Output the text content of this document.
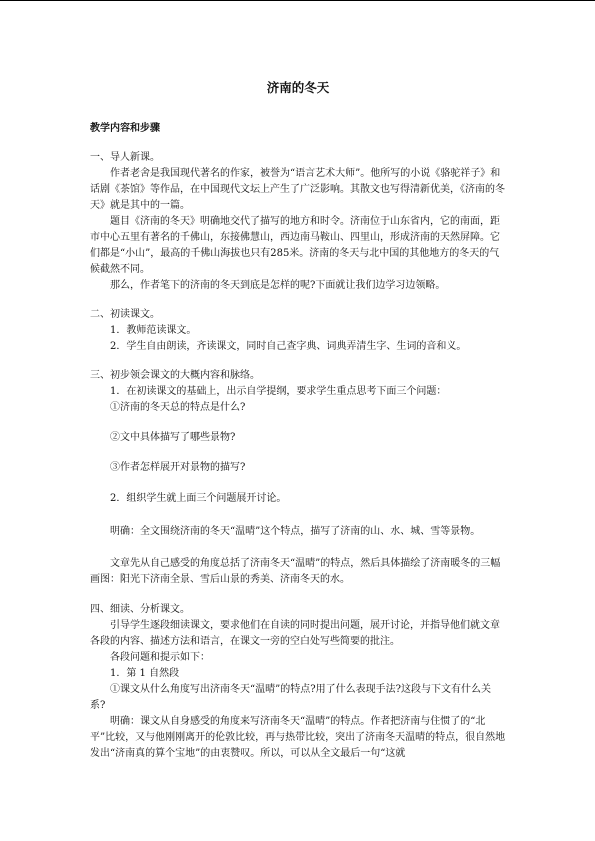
济南的冬天
教学内容和步骤

一、导人新课。

作者老舍是我国现代著名的作家，被誉为“语言艺术大师”。他所写的小说《骆驼祥子》和话剧《茶馆》等作品，在中国现代文坛上产生了广泛影响。其散文也写得清新优美，《济南的冬天》就是其中的一篇。

题目《济南的冬天》明确地交代了描写的地方和时令。济南位于山东省内，它的南面，距市中心五里有著名的千佛山，东接佛慧山，西边南马鞍山、四里山，形成济南的天然屏障。它们都是“小山”，最高的千佛山海拔也只有285米。济南的冬天与北中国的其他地方的冬天的气候截然不同。

那么，作者笔下的济南的冬天到底是怎样的呢?下面就让我们边学习边领略。

二、初读课文。

1．教师范读课文。

2．学生自由朗读，齐读课文，同时自己查字典、词典弄清生字、生词的音和义。

三、初步领会课文的大概内容和脉络。

1．在初读课文的基础上，出示自学提纲，要求学生重点思考下面三个问题：

①济南的冬天总的特点是什么?

②文中具体描写了哪些景物?

③作者怎样展开对景物的描写?

2．组织学生就上面三个问题展开讨论。

明确：全文围绕济南的冬天“温晴”这个特点，描写了济南的山、水、城、雪等景物。

文章先从自己感受的角度总括了济南冬天“温晴”的特点，然后具体描绘了济南暖冬的三幅画图：阳光下济南全景、雪后山景的秀美、济南冬天的水。

四、细读、分析课文。

引导学生逐段细读课文，要求他们在自读的同时提出问题，展开讨论，并指导他们就文章各段的内容、描述方法和语言，在课文一旁的空白处写些简要的批注。

各段问题和提示如下：

1．第 1 自然段

①课文从什么角度写出济南冬天“温晴”的特点?用了什么表现手法?这段与下文有什么关系?

明确：课文从自身感受的角度来写济南冬天“温晴”的特点。作者把济南与住惯了的“北平”比较，又与他刚刚离开的伦敦比较，再与热带比较，突出了济南冬天温晴的特点，很自然地发出“济南真的算个宝地”的由衷赞叹。所以，可以从全文最后一句“这就
